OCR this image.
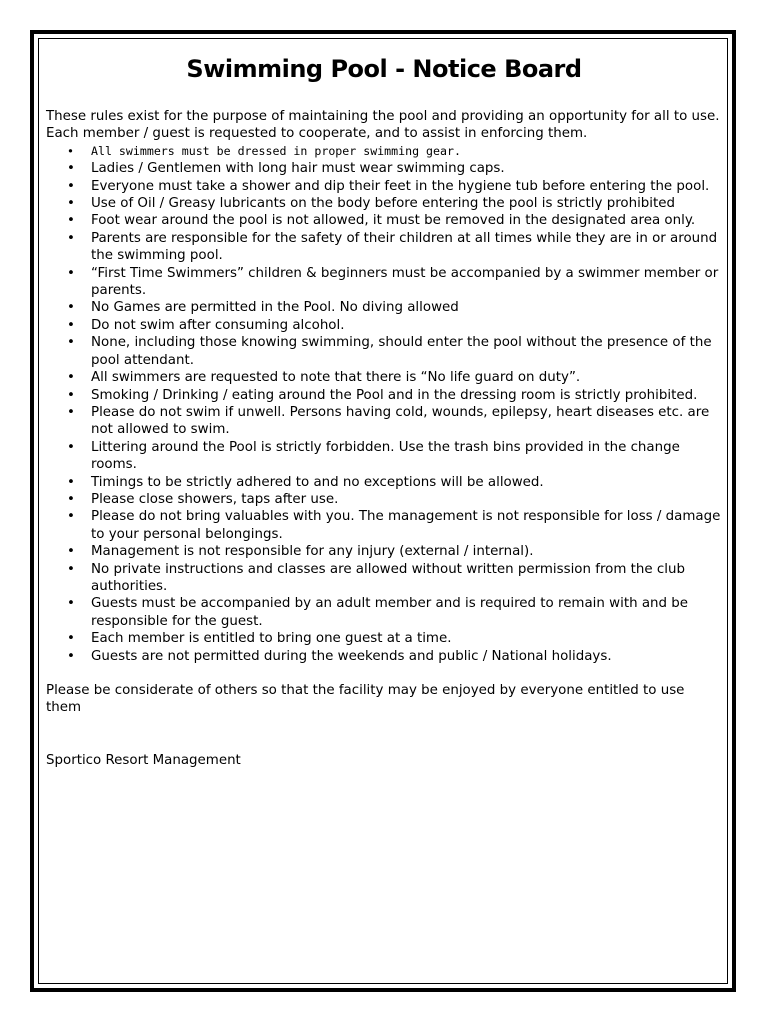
Swimming Pool - Notice Board

These rules exist for the purpose of maintaining the pool and providing an opportunity for all to use. Each member / guest is requested to cooperate, and to assist in enforcing them.

• All swimmers must be dressed in proper swimming gear.
• Ladies / Gentlemen with long hair must wear swimming caps.
• Everyone must take a shower and dip their feet in the hygiene tub before entering the pool.
• Use of Oil / Greasy lubricants on the body before entering the pool is strictly prohibited
• Foot wear around the pool is not allowed, it must be removed in the designated area only.
• Parents are responsible for the safety of their children at all times while they are in or around the swimming pool.
• “First Time Swimmers” children & beginners must be accompanied by a swimmer member or parents.
• No Games are permitted in the Pool. No diving allowed
• Do not swim after consuming alcohol.
• None, including those knowing swimming, should enter the pool without the presence of the pool attendant.
• All swimmers are requested to note that there is “No life guard on duty”.
• Smoking / Drinking / eating around the Pool and in the dressing room is strictly prohibited.
• Please do not swim if unwell. Persons having cold, wounds, epilepsy, heart diseases etc. are not allowed to swim.
• Littering around the Pool is strictly forbidden. Use the trash bins provided in the change rooms.
• Timings to be strictly adhered to and no exceptions will be allowed.
• Please close showers, taps after use.
• Please do not bring valuables with you. The management is not responsible for loss / damage to your personal belongings.
• Management is not responsible for any injury (external / internal).
• No private instructions and classes are allowed without written permission from the club authorities.
• Guests must be accompanied by an adult member and is required to remain with and be responsible for the guest.
• Each member is entitled to bring one guest at a time.
• Guests are not permitted during the weekends and public / National holidays.

Please be considerate of others so that the facility may be enjoyed by everyone entitled to use them

Sportico Resort Management
